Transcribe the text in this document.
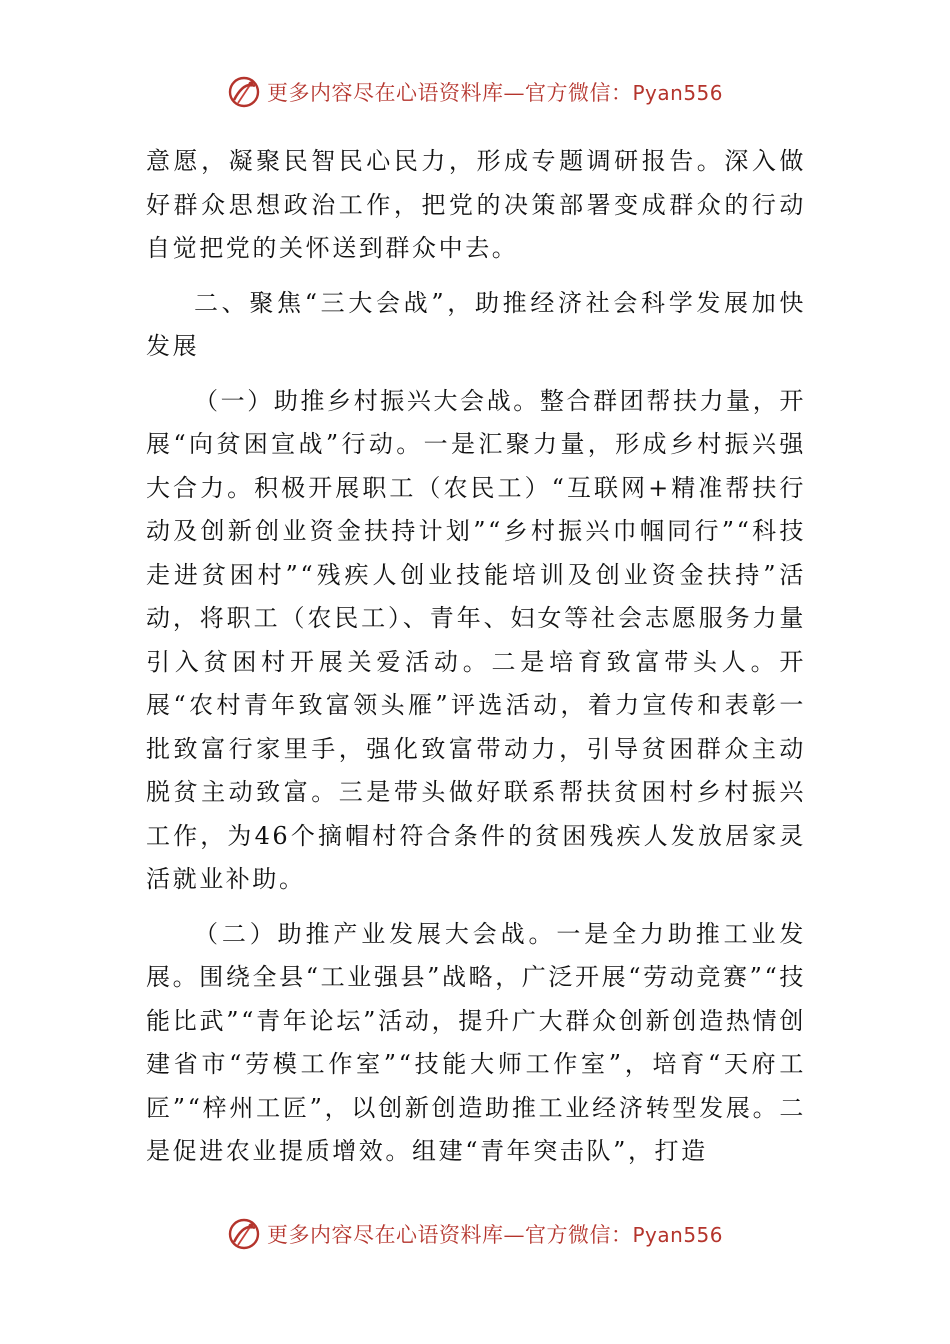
更多内容尽在心语资料库—官方微信：Pyan556

意愿，凝聚民智民心民力，形成专题调研报告。深入做好群众思想政治工作，把党的决策部署变成群众的行动自觉把党的关怀送到群众中去。

二、聚焦“三大会战”，助推经济社会科学发展加快发展

（一）助推乡村振兴大会战。整合群团帮扶力量，开展“向贫困宣战”行动。一是汇聚力量，形成乡村振兴强大合力。积极开展职工（农民工）“互联网+精准帮扶行动及创新创业资金扶持计划”“乡村振兴巾帼同行”“科技走进贫困村”“残疾人创业技能培训及创业资金扶持”活动，将职工（农民工）、青年、妇女等社会志愿服务力量引入贫困村开展关爱活动。二是培育致富带头人。开展“农村青年致富领头雁”评选活动，着力宣传和表彰一批致富行家里手，强化致富带动力，引导贫困群众主动脱贫主动致富。三是带头做好联系帮扶贫困村乡村振兴工作，为46个摘帽村符合条件的贫困残疾人发放居家灵活就业补助。

（二）助推产业发展大会战。一是全力助推工业发展。围绕全县“工业强县”战略，广泛开展“劳动竞赛”“技能比武”“青年论坛”活动，提升广大群众创新创造热情创建省市“劳模工作室”“技能大师工作室”，培育“天府工匠”“梓州工匠”，以创新创造助推工业经济转型发展。二是促进农业提质增效。组建“青年突击队”，打造

更多内容尽在心语资料库—官方微信：Pyan556
